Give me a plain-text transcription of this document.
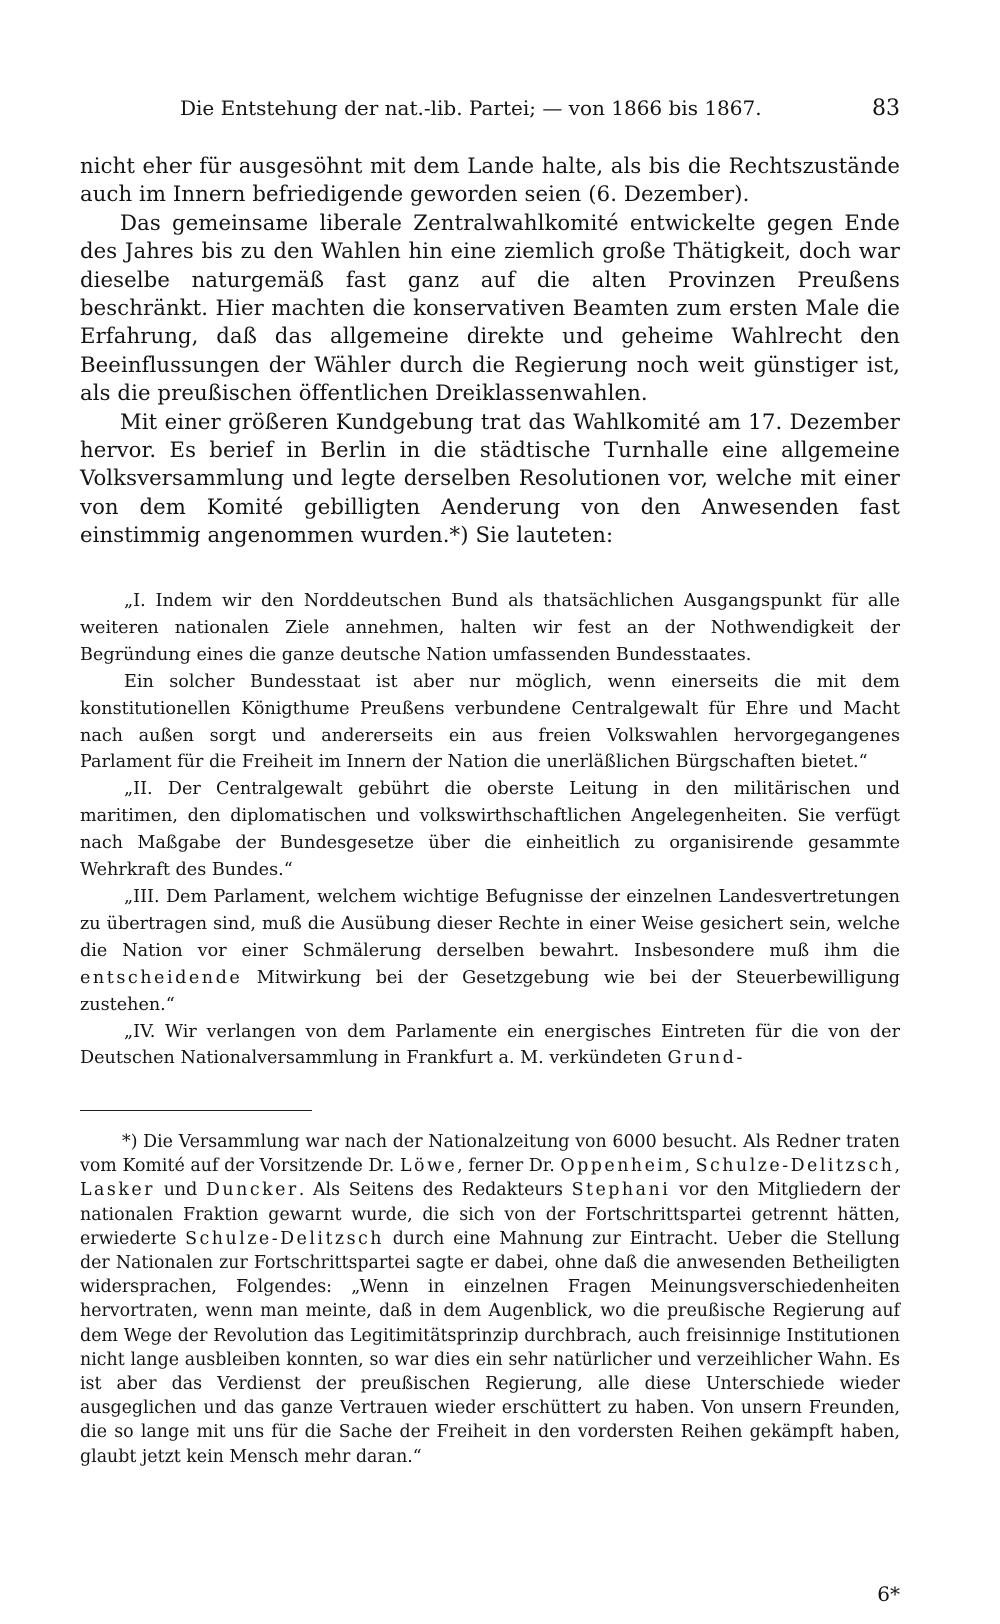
Die Entstehung der nat.-lib. Partei; — von 1866 bis 1867.	83

nicht eher für ausgesöhnt mit dem Lande halte, als bis die Rechtszustände auch im Innern befriedigende geworden seien (6. Dezember).

Das gemeinsame liberale Zentralwahlkomité entwickelte gegen Ende des Jahres bis zu den Wahlen hin eine ziemlich große Thätigkeit, doch war dieselbe naturgemäß fast ganz auf die alten Provinzen Preußens beschränkt. Hier machten die konservativen Beamten zum ersten Male die Erfahrung, daß das allgemeine direkte und geheime Wahlrecht den Beeinflussungen der Wähler durch die Regierung noch weit günstiger ist, als die preußischen öffentlichen Dreiklassenwahlen.

Mit einer größeren Kundgebung trat das Wahlkomité am 17. Dezember hervor. Es berief in Berlin in die städtische Turnhalle eine allgemeine Volksversammlung und legte derselben Resolutionen vor, welche mit einer von dem Komité gebilligten Aenderung von den Anwesenden fast einstimmig angenommen wurden.*) Sie lauteten:

„I. Indem wir den Norddeutschen Bund als thatsächlichen Ausgangspunkt für alle weiteren nationalen Ziele annehmen, halten wir fest an der Nothwendigkeit der Begründung eines die ganze deutsche Nation umfassenden Bundesstaates.

Ein solcher Bundesstaat ist aber nur möglich, wenn einerseits die mit dem konstitutionellen Königthume Preußens verbundene Centralgewalt für Ehre und Macht nach außen sorgt und andererseits ein aus freien Volkswahlen hervorgegangenes Parlament für die Freiheit im Innern der Nation die unerläßlichen Bürgschaften bietet.“

„II. Der Centralgewalt gebührt die oberste Leitung in den militärischen und maritimen, den diplomatischen und volkswirthschaftlichen Angelegenheiten. Sie verfügt nach Maßgabe der Bundesgesetze über die einheitlich zu organisirende gesammte Wehrkraft des Bundes.“

„III. Dem Parlament, welchem wichtige Befugnisse der einzelnen Landesvertretungen zu übertragen sind, muß die Ausübung dieser Rechte in einer Weise gesichert sein, welche die Nation vor einer Schmälerung derselben bewahrt. Insbesondere muß ihm die entscheidende Mitwirkung bei der Gesetzgebung wie bei der Steuerbewilligung zustehen.“

„IV. Wir verlangen von dem Parlamente ein energisches Eintreten für die von der Deutschen Nationalversammlung in Frankfurt a. M. verkündeten Grund-

*) Die Versammlung war nach der Nationalzeitung von 6000 besucht. Als Redner traten vom Komité auf der Vorsitzende Dr. Löwe, ferner Dr. Oppenheim, Schulze-Delitzsch, Lasker und Duncker. Als Seitens des Redakteurs Stephani vor den Mitgliedern der nationalen Fraktion gewarnt wurde, die sich von der Fortschrittspartei getrennt hätten, erwiederte Schulze-Delitzsch durch eine Mahnung zur Eintracht. Ueber die Stellung der Nationalen zur Fortschrittspartei sagte er dabei, ohne daß die anwesenden Betheiligten widersprachen, Folgendes: „Wenn in einzelnen Fragen Meinungsverschiedenheiten hervortraten, wenn man meinte, daß in dem Augenblick, wo die preußische Regierung auf dem Wege der Revolution das Legitimitätsprinzip durchbrach, auch freisinnige Institutionen nicht lange ausbleiben konnten, so war dies ein sehr natürlicher und verzeihlicher Wahn. Es ist aber das Verdienst der preußischen Regierung, alle diese Unterschiede wieder ausgeglichen und das ganze Vertrauen wieder erschüttert zu haben. Von unsern Freunden, die so lange mit uns für die Sache der Freiheit in den vordersten Reihen gekämpft haben, glaubt jetzt kein Mensch mehr daran.“

6*
